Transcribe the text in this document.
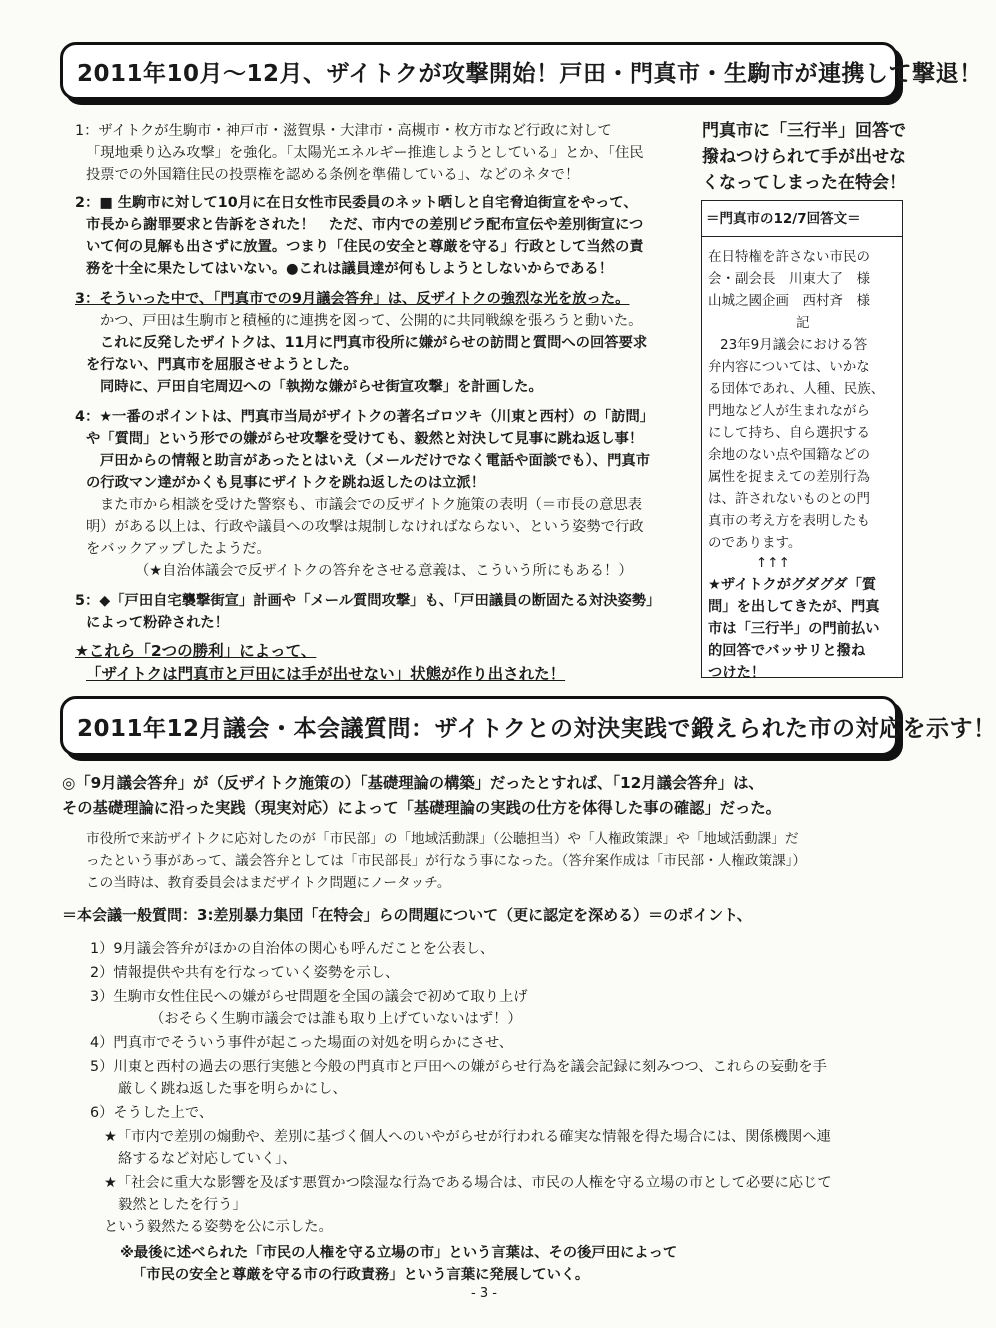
2011年10月～12月、ザイトクが攻撃開始！戸田・門真市・生駒市が連携して撃退！
1：ザイトクが生駒市・神戸市・滋賀県・大津市・高槻市・枚方市など行政に対して
「現地乗り込み攻撃」を強化。「太陽光エネルギー推進しようとしている」とか、「住民
投票での外国籍住民の投票権を認める条例を準備している」、などのネタで！
2：■ 生駒市に対して10月に在日女性市民委員のネット晒しと自宅脅迫街宣をやって、
市長から謝罪要求と告訴をされた！　ただ、市内での差別ビラ配布宣伝や差別街宣につ
いて何の見解も出さずに放置。つまり「住民の安全と尊厳を守る」行政として当然の責
務を十全に果たしてはいない。●これは議員達が何もしようとしないからである！
3：そういった中で、「門真市での9月議会答弁」は、反ザイトクの強烈な光を放った。
かつ、戸田は生駒市と積極的に連携を図って、公開的に共同戦線を張ろうと動いた。
これに反発したザイトクは、11月に門真市役所に嫌がらせの訪問と質問への回答要求
を行ない、門真市を屈服させようとした。
同時に、戸田自宅周辺への「執拗な嫌がらせ街宣攻撃」を計画した。
4：★一番のポイントは、門真市当局がザイトクの著名ゴロツキ（川東と西村）の「訪問」
や「質問」という形での嫌がらせ攻撃を受けても、毅然と対決して見事に跳ね返し事！
戸田からの情報と助言があったとはいえ（メールだけでなく電話や面談でも）、門真市
の行政マン達がかくも見事にザイトクを跳ね返したのは立派！
また市から相談を受けた警察も、市議会での反ザイトク施策の表明（＝市長の意思表
明）がある以上は、行政や議員への攻撃は規制しなければならない、という姿勢で行政
をバックアップしたようだ。
（★自治体議会で反ザイトクの答弁をさせる意義は、こういう所にもある！）
5：◆「戸田自宅襲撃街宣」計画や「メール質問攻撃」も、「戸田議員の断固たる対決姿勢」
によって粉砕された！
★これら「2つの勝利」によって、
「ザイトクは門真市と戸田には手が出せない」状態が作り出された！
門真市に「三行半」回答で
撥ねつけられて手が出せな
くなってしまった在特会！
＝門真市の12/7回答文＝
在日特権を許さない市民の
会・副会長　川東大了　様
山城之國企画　西村斉　様
記
23年9月議会における答
弁内容については、いかな
る団体であれ、人種、民族、
門地など人が生まれながら
にして持ち、自ら選択する
余地のない点や国籍などの
属性を捉まえての差別行為
は、許されないものとの門
真市の考え方を表明したも
のであります。
↑↑↑
★ザイトクがグダグダ「質
問」を出してきたが、門真
市は「三行半」の門前払い
的回答でバッサリと撥ね
つけた！
2011年12月議会・本会議質問：ザイトクとの対決実践で鍛えられた市の対応を示す！
◎「9月議会答弁」が（反ザイトク施策の）「基礎理論の構築」だったとすれば、「12月議会答弁」は、
その基礎理論に沿った実践（現実対応）によって「基礎理論の実践の仕方を体得した事の確認」だった。
市役所で来訪ザイトクに応対したのが「市民部」の「地域活動課」（公聴担当）や「人権政策課」や「地域活動課」だ
ったという事があって、議会答弁としては「市民部長」が行なう事になった。（答弁案作成は「市民部・人権政策課」）
この当時は、教育委員会はまだザイトク問題にノータッチ。
＝本会議一般質問：3:差別暴力集団「在特会」らの問題について（更に認定を深める）＝のポイント、
1）9月議会答弁がほかの自治体の関心も呼んだことを公表し、
2）情報提供や共有を行なっていく姿勢を示し、
3）生駒市女性住民への嫌がらせ問題を全国の議会で初めて取り上げ
（おそらく生駒市議会では誰も取り上げていないはず！）
4）門真市でそういう事件が起こった場面の対処を明らかにさせ、
5）川東と西村の過去の悪行実態と今般の門真市と戸田への嫌がらせ行為を議会記録に刻みつつ、これらの妄動を手
厳しく跳ね返した事を明らかにし、
6）そうした上で、
★「市内で差別の煽動や、差別に基づく個人へのいやがらせが行われる確実な情報を得た場合には、関係機関へ連
絡するなど対応していく」、
★「社会に重大な影響を及ぼす悪質かつ陰湿な行為である場合は、市民の人権を守る立場の市として必要に応じて
毅然としたを行う」
という毅然たる姿勢を公に示した。
※最後に述べられた「市民の人権を守る立場の市」という言葉は、その後戸田によって
「市民の安全と尊厳を守る市の行政責務」という言葉に発展していく。
- 3 -
